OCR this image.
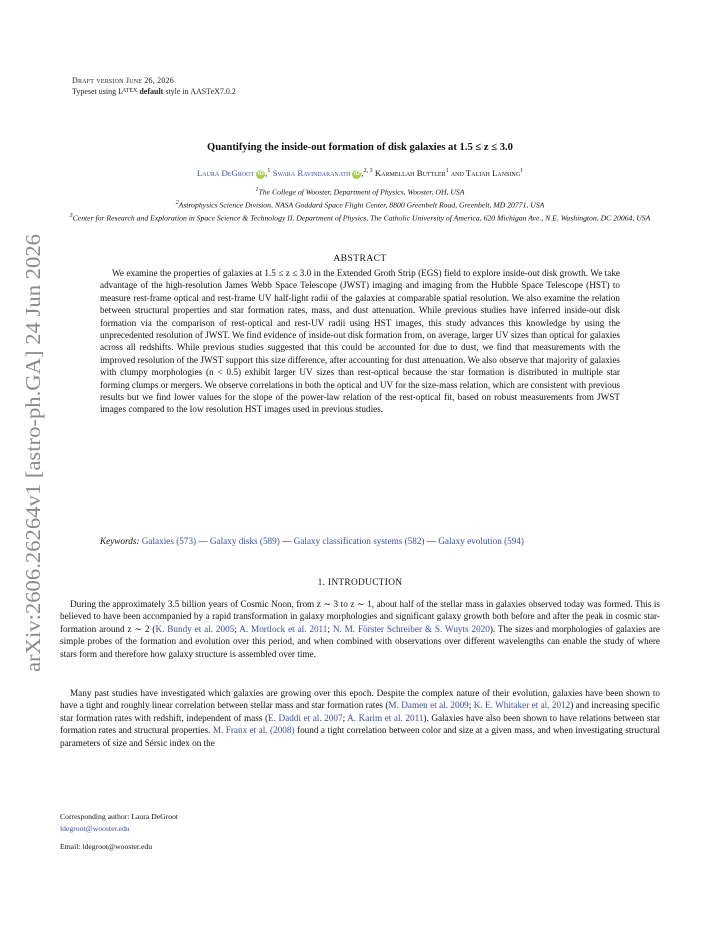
arXiv:2606.26264v1 [astro-ph.GA] 24 Jun 2026
Draft version June 26, 2026
Typeset using $L^{ATEX}$ default style in AASTeX7.0.2
Quantifying the inside-out formation of disk galaxies at 1.5 ≤ z ≤ 3.0
Laura DeGroot iD ,$^1$ Swara Ravindaranath iD ,$^{2, 3}$ Karmellah Buttler$^1$ and Taliah Lansing$^1$
$^1$The College of Wooster, Department of Physics, Wooster, OH, USA
$^2$Astrophysics Science Division, NASA Goddard Space Flight Center, 8800 Greenbelt Road, Greenbelt, MD 20771, USA
$^3$Center for Research and Exploration in Space Science & Technology II, Department of Physics, The Catholic University of America, 620 Michigan Ave., N.E. Washington, DC 20064, USA
ABSTRACT
We examine the properties of galaxies at 1.5 ≤ z ≤ 3.0 in the Extended Groth Strip (EGS) field to explore inside-out disk growth. We take advantage of the high-resolution James Webb Space Telescope (JWST) imaging and imaging from the Hubble Space Telescope (HST) to measure rest-frame optical and rest-frame UV half-light radii of the galaxies at comparable spatial resolution. We also examine the relation between structural properties and star formation rates, mass, and dust attenuation. While previous studies have inferred inside-out disk formation via the comparison of rest-optical and rest-UV radii using HST images, this study advances this knowledge by using the unprecedented resolution of JWST. We find evidence of inside-out disk formation from, on average, larger UV sizes than optical for galaxies across all redshifts. While previous studies suggested that this could be accounted for due to dust, we find that measurements with the improved resolution of the JWST support this size difference, after accounting for dust attenuation. We also observe that majority of galaxies with clumpy morphologies (n < 0.5) exhibit larger UV sizes than rest-optical because the star formation is distributed in multiple star forming clumps or mergers. We observe correlations in both the optical and UV for the size-mass relation, which are consistent with previous results but we find lower values for the slope of the power-law relation of the rest-optical fit, based on robust measurements from JWST images compared to the low resolution HST images used in previous studies.
Keywords: Galaxies (573) — Galaxy disks (589) — Galaxy classification systems (582) — Galaxy evolution (594)
1. INTRODUCTION
During the approximately 3.5 billion years of Cosmic Noon, from z ∼ 3 to z ∼ 1, about half of the stellar mass in galaxies observed today was formed. This is believed to have been accompanied by a rapid transformation in galaxy morphologies and significant galaxy growth both before and after the peak in cosmic star-formation around z ∼ 2 (K. Bundy et al. 2005; A. Mortlock et al. 2011; N. M. Förster Schreiber & S. Wuyts 2020). The sizes and morphologies of galaxies are simple probes of the formation and evolution over this period, and when combined with observations over different wavelengths can enable the study of where stars form and therefore how galaxy structure is assembled over time.
Many past studies have investigated which galaxies are growing over this epoch. Despite the complex nature of their evolution, galaxies have been shown to have a tight and roughly linear correlation between stellar mass and star formation rates (M. Damen et al. 2009; K. E. Whitaker et al. 2012) and increasing specific star formation rates with redshift, independent of mass (E. Daddi et al. 2007; A. Karim et al. 2011). Galaxies have also been shown to have relations between star formation rates and structural properties. M. Franx et al. (2008) found a tight correlation between color and size at a given mass, and when investigating structural parameters of size and Sérsic index on the
Corresponding author: Laura DeGroot
ldegroot@wooster.edu
Email: ldegroot@wooster.edu
